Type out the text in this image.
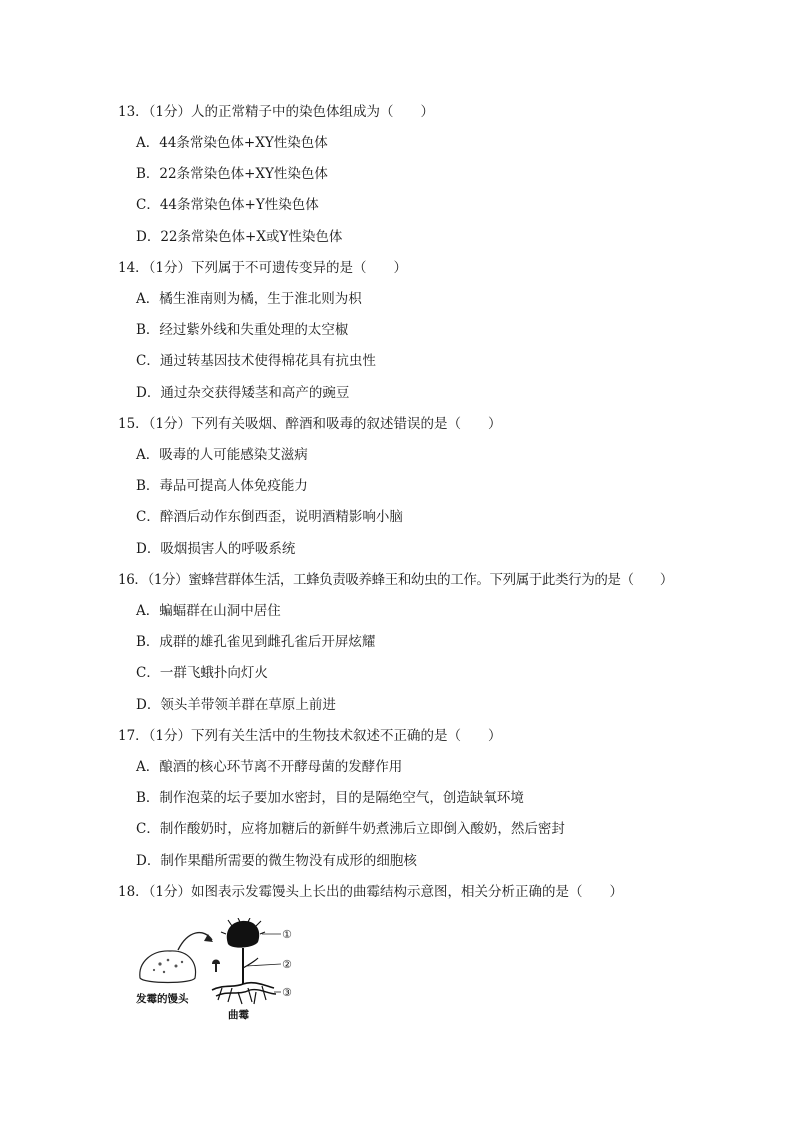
13．（1分）人的正常精子中的染色体组成为（　　）
A．44条常染色体+XY性染色体
B．22条常染色体+XY性染色体
C．44条常染色体+Y性染色体
D．22条常染色体+X或Y性染色体
14．（1分）下列属于不可遗传变异的是（　　）
A．橘生淮南则为橘，生于淮北则为枳
B．经过紫外线和失重处理的太空椒
C．通过转基因技术使得棉花具有抗虫性
D．通过杂交获得矮茎和高产的豌豆
15．（1分）下列有关吸烟、醉酒和吸毒的叙述错误的是（　　）
A．吸毒的人可能感染艾滋病
B．毒品可提高人体免疫能力
C．醉酒后动作东倒西歪，说明酒精影响小脑
D．吸烟损害人的呼吸系统
16．（1分）蜜蜂营群体生活，工蜂负责吸养蜂王和幼虫的工作。下列属于此类行为的是（　　）
A．蝙蝠群在山洞中居住
B．成群的雄孔雀见到雌孔雀后开屏炫耀
C．一群飞蛾扑向灯火
D．领头羊带领羊群在草原上前进
17．（1分）下列有关生活中的生物技术叙述不正确的是（　　）
A．酿酒的核心环节离不开酵母菌的发酵作用
B．制作泡菜的坛子要加水密封，目的是隔绝空气，创造缺氧环境
C．制作酸奶时，应将加糖后的新鲜牛奶煮沸后立即倒入酸奶，然后密封
D．制作果醋所需要的微生物没有成形的细胞核
18．（1分）如图表示发霉馒头上长出的曲霉结构示意图，相关分析正确的是（　　）
①
②
③
发霉的馒头
曲霉
